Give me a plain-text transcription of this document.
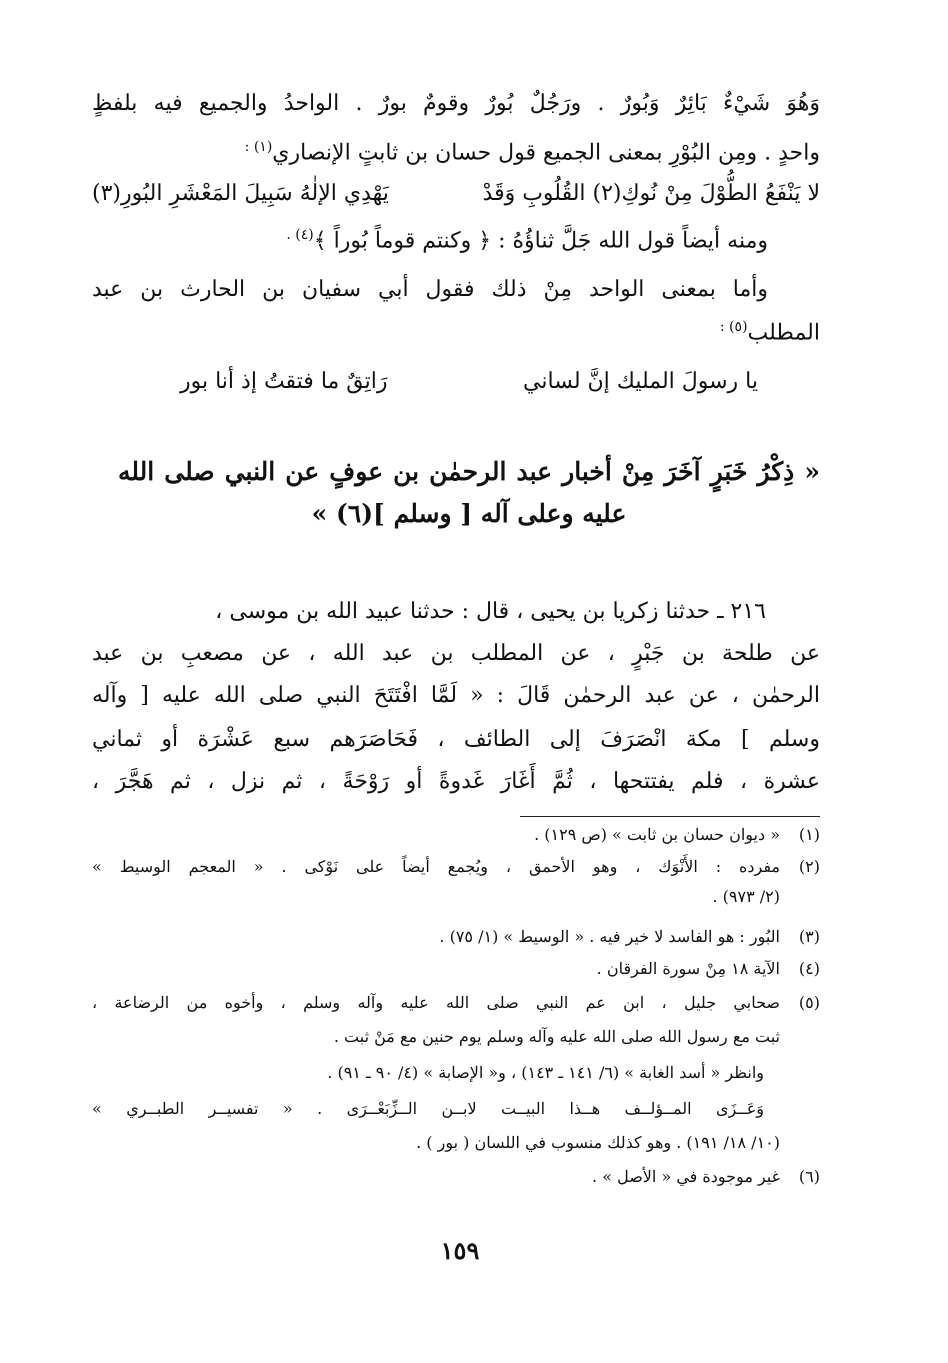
وَهُوَ شَيْءٌ بَائِرٌ وَبُورٌ . ورَجُلٌ بُورٌ وقومٌ بورٌ . الواحدُ والجميع فيه بلفظٍ
واحدٍ . ومِن البُوْرِ بمعنى الجميع قول حسان بن ثابتٍ الإنصاري$^{(١) :}$
لا يَنْفَعُ الطُّوْلَ مِنْ نُوكِ(٢) القُلُوبِ وَقَدْ
يَهْدِي الإلٰهُ سَبِيلَ المَعْشَرِ البُورِ(٣)
ومنه أيضاً قول الله جَلَّ ثناؤُهُ : ﴿ وكنتم قوماً بُوراً ﴾$^{(٤) .}$
وأما بمعنى الواحد مِنْ ذلك فقول أبي سفيان بن الحارث بن عبد
المطلب$^{(٥) :}$
يا رسولَ المليك إنَّ لساني
رَاتِقٌ ما فتقتُ إذ أنا بور
« ذِكْرُ خَبَرٍ آخَرَ مِنْ أخبار عبد الرحمٰن بن عوفٍ عن النبي صلى الله
عليه وعلى آله [ وسلم ](٦) »
٢١٦ ـ حدثنا زكريا بن يحيى ، قال : حدثنا عبيد الله بن موسى ،
عن طلحة بن جَبْرٍ ، عن المطلب بن عبد الله ، عن مصعبِ بن عبد
الرحمٰن ، عن عبد الرحمٰن قَالَ : « لَمَّا افْتَتَحَ النبي صلى الله عليه [ وآله
وسلم ] مكة انْصَرَفَ إلى الطائف ، فَحَاصَرَهم سبع عَشْرَة أو ثماني
عشرة ، فلم يفتتحها ، ثُمَّ أَغَارَ غَدوةً أو رَوْحَةً ، ثم نزل ، ثم هَجَّرَ ،
(١)
« ديوان حسان بن ثابت » (ص ١٢٩) .
(٢)
مفرده : الأَنْوَك ، وهو الأحمق ، ويُجمع أيضاً على نَوْكى . « المعجم الوسيط »
(٢/ ٩٧٣) .
(٣)
البُور : هو الفاسد لا خير فيه . « الوسيط » (١/ ٧٥) .
(٤)
الآية ١٨ مِنْ سورة الفرقان .
(٥)
صحابي جليل ، ابن عم النبي صلى الله عليه وآله وسلم ، وأخوه من الرضاعة ،
ثبت مع رسول الله صلى الله عليه وآله وسلم يوم حنين مع مَنْ ثبت .
وانظر « أسد الغابة » (٦/ ١٤١ ـ ١٤٣) ، و« الإصابة » (٤/ ٩٠ ـ ٩١) .
وَعَــزَى المــؤلــف هــذا البيــت لابــن الــزِّبَعْــرَى . « تفسيــر الطبــري »
(١٠/ ١٨/ ١٩١) . وهو كذلك منسوب في اللسان ( بور ) .
(٦)
غير موجودة في « الأصل » .
١٥٩
